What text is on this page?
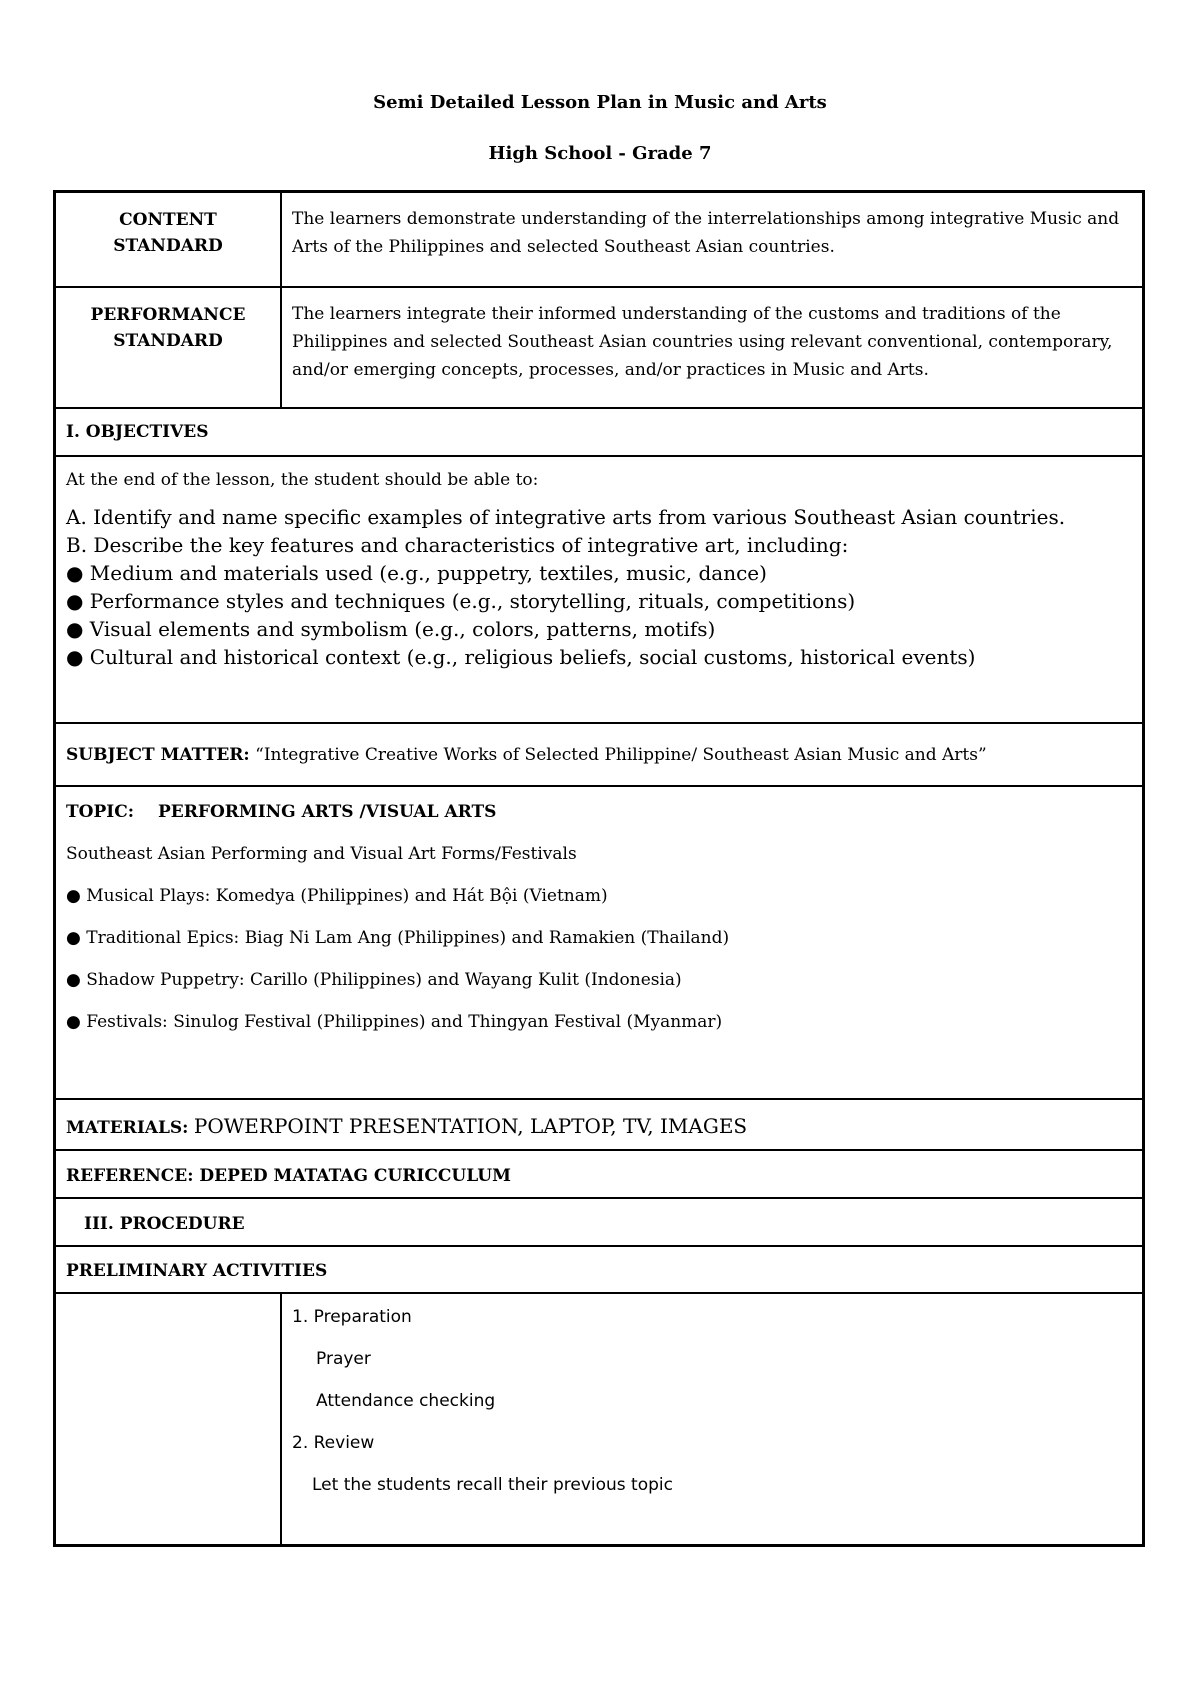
Semi Detailed Lesson Plan in Music and Arts
High School - Grade 7
CONTENT
STANDARD
The learners demonstrate understanding of the interrelationships among integrative Music and Arts of the Philippines and selected Southeast Asian countries.
PERFORMANCE
STANDARD
The learners integrate their informed understanding of the customs and traditions of the Philippines and selected Southeast Asian countries using relevant conventional, contemporary, and/or emerging concepts, processes, and/or practices in Music and Arts.
I. OBJECTIVES
At the end of the lesson, the student should be able to:
A. Identify and name specific examples of integrative arts from various Southeast Asian countries.
B. Describe the key features and characteristics of integrative art, including:
● Medium and materials used (e.g., puppetry, textiles, music, dance)
● Performance styles and techniques (e.g., storytelling, rituals, competitions)
● Visual elements and symbolism (e.g., colors, patterns, motifs)
● Cultural and historical context (e.g., religious beliefs, social customs, historical events)
SUBJECT MATTER: “Integrative Creative Works of Selected Philippine/ Southeast Asian Music and Arts”
TOPIC: PERFORMING ARTS /VISUAL ARTS
Southeast Asian Performing and Visual Art Forms/Festivals
● Musical Plays: Komedya (Philippines) and Hát Bội (Vietnam)
● Traditional Epics: Biag Ni Lam Ang (Philippines) and Ramakien (Thailand)
● Shadow Puppetry: Carillo (Philippines) and Wayang Kulit (Indonesia)
● Festivals: Sinulog Festival (Philippines) and Thingyan Festival (Myanmar)
MATERIALS: POWERPOINT PRESENTATION, LAPTOP, TV, IMAGES
REFERENCE: DEPED MATATAG CURICCULUM
III. PROCEDURE
PRELIMINARY ACTIVITIES
1. Preparation
Prayer
Attendance checking
2. Review
Let the students recall their previous topic
